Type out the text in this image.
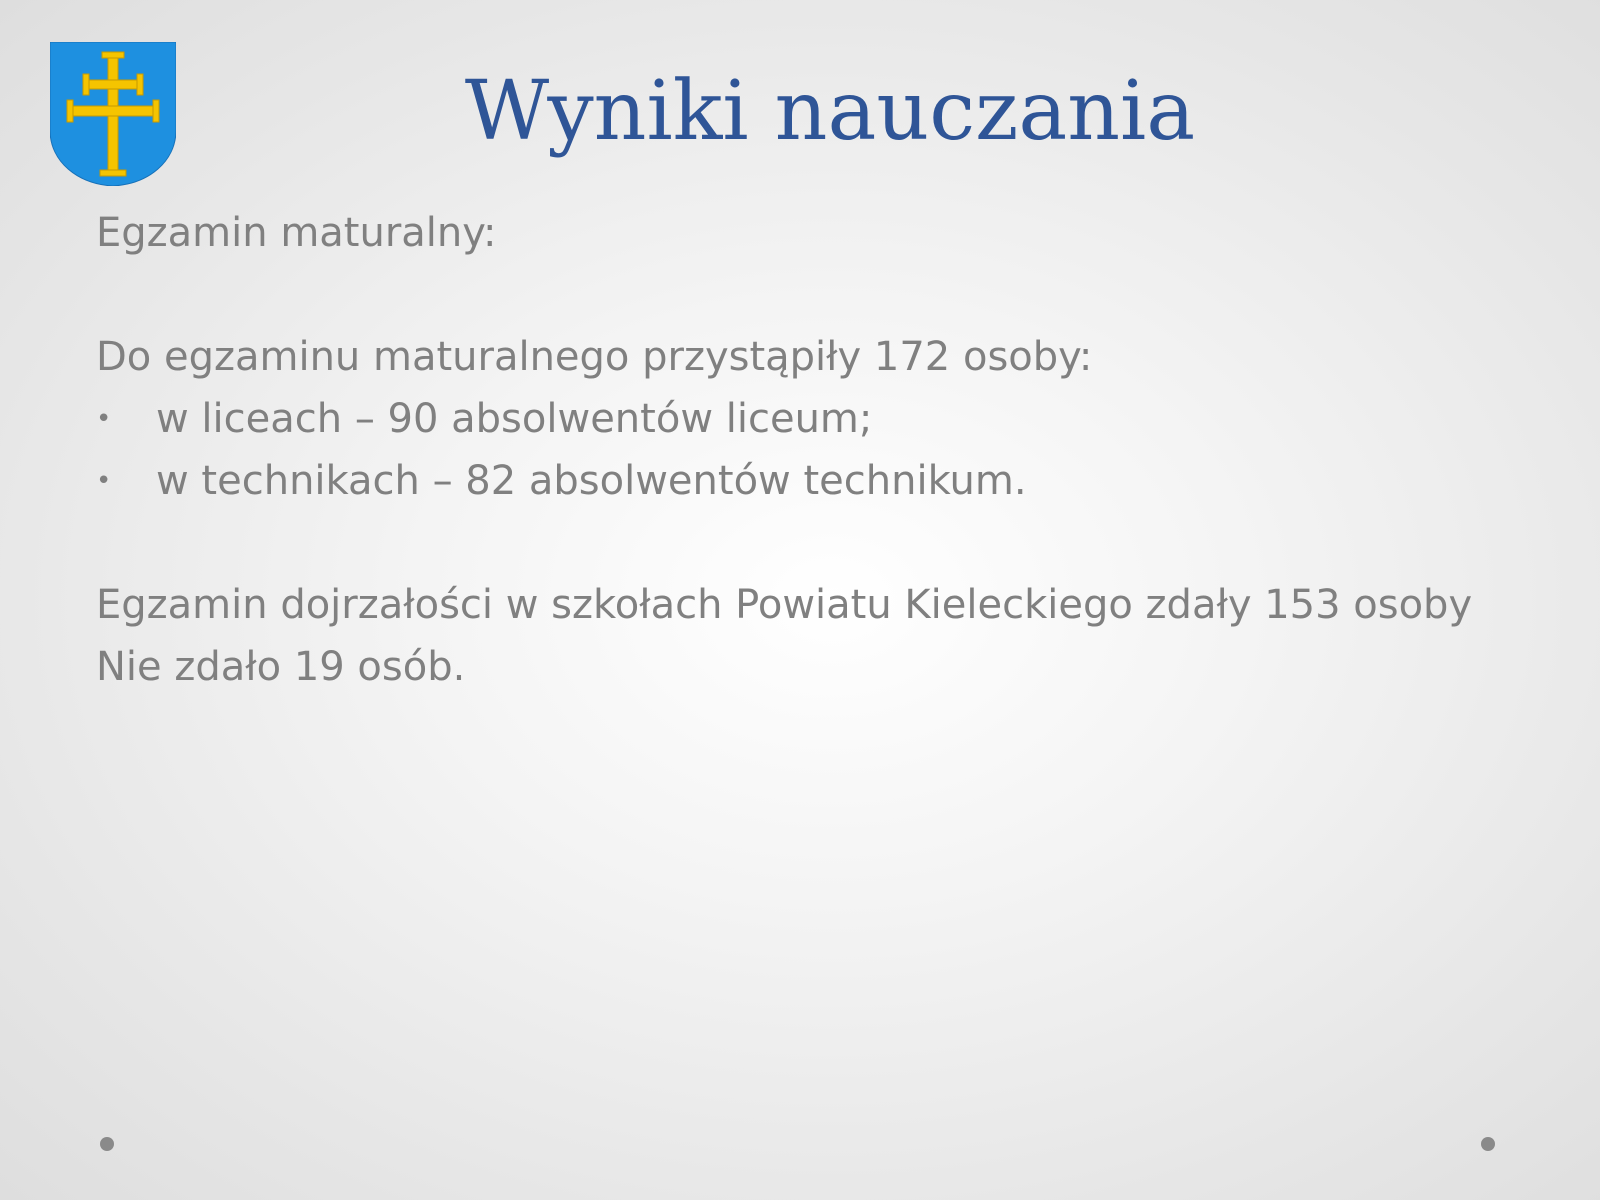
Wyniki nauczania
Egzamin maturalny:
Do egzaminu maturalnego przystąpiły 172 osoby:
•	w liceach – 90 absolwentów liceum;
•	w technikach – 82 absolwentów technikum.
Egzamin dojrzałości w szkołach Powiatu Kieleckiego zdały 153 osoby
Nie zdało 19 osób.
